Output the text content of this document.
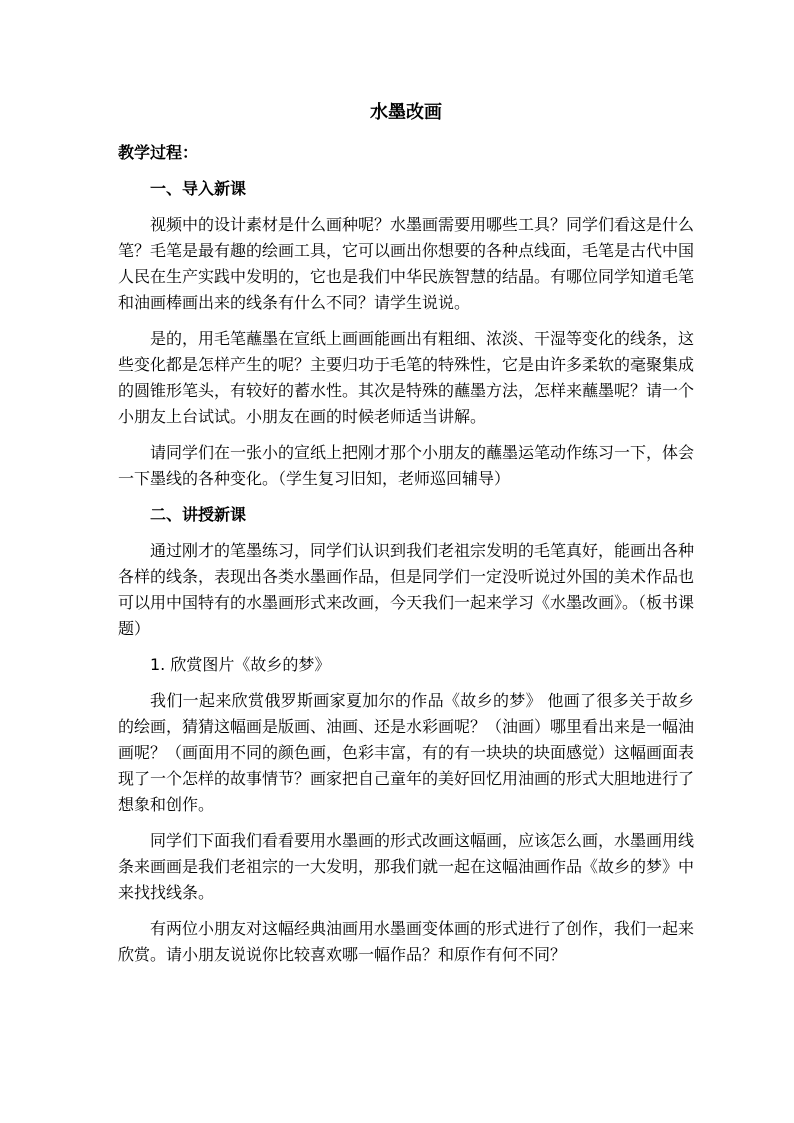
水墨改画
教学过程：
一、导入新课

视频中的设计素材是什么画种呢？水墨画需要用哪些工具？同学们看这是什么笔？毛笔是最有趣的绘画工具，它可以画出你想要的各种点线面，毛笔是古代中国人民在生产实践中发明的，它也是我们中华民族智慧的结晶。有哪位同学知道毛笔和油画棒画出来的线条有什么不同？请学生说说。

是的，用毛笔蘸墨在宣纸上画画能画出有粗细、浓淡、干湿等变化的线条，这些变化都是怎样产生的呢？主要归功于毛笔的特殊性，它是由许多柔软的毫聚集成的圆锥形笔头，有较好的蓄水性。其次是特殊的蘸墨方法，怎样来蘸墨呢？请一个小朋友上台试试。小朋友在画的时候老师适当讲解。

请同学们在一张小的宣纸上把刚才那个小朋友的蘸墨运笔动作练习一下，体会一下墨线的各种变化。（学生复习旧知，老师巡回辅导）

二、讲授新课

通过刚才的笔墨练习，同学们认识到我们老祖宗发明的毛笔真好，能画出各种各样的线条，表现出各类水墨画作品，但是同学们一定没听说过外国的美术作品也可以用中国特有的水墨画形式来改画，今天我们一起来学习《水墨改画》。（板书课题）

1. 欣赏图片《故乡的梦》

我们一起来欣赏俄罗斯画家夏加尔的作品《故乡的梦》 他画了很多关于故乡的绘画，猜猜这幅画是版画、油画、还是水彩画呢？（油画）哪里看出来是一幅油画呢？（画面用不同的颜色画，色彩丰富，有的有一块块的块面感觉）这幅画面表现了一个怎样的故事情节？画家把自己童年的美好回忆用油画的形式大胆地进行了想象和创作。

同学们下面我们看看要用水墨画的形式改画这幅画，应该怎么画，水墨画用线条来画画是我们老祖宗的一大发明，那我们就一起在这幅油画作品《故乡的梦》中来找找线条。

有两位小朋友对这幅经典油画用水墨画变体画的形式进行了创作，我们一起来欣赏。请小朋友说说你比较喜欢哪一幅作品？和原作有何不同？
